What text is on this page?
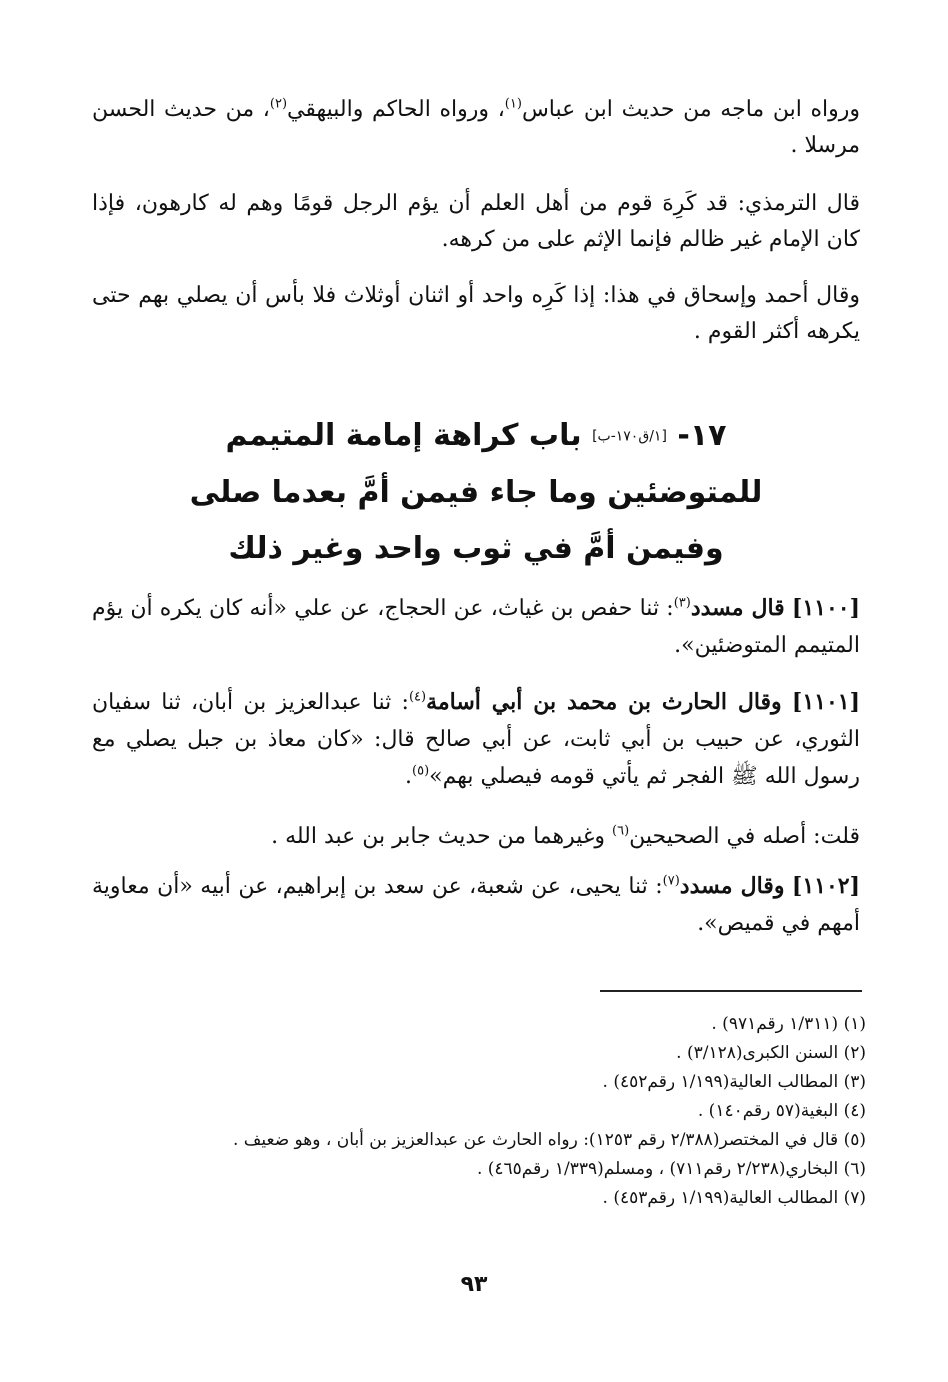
ورواه ابن ماجه من حديث ابن عباس$^{(١)}$، ورواه الحاكم والبيهقي$^{(٢)}$، من حديث الحسن مرسلا .
قال الترمذي: قد كَرِهَ قوم من أهل العلم أن يؤم الرجل قومًا وهم له كارهون، فإذا كان الإمام غير ظالم فإنما الإثم على من كرهه.
وقال أحمد وإسحاق في هذا: إذا كَرِه واحد أو اثنان أوثلاث فلا بأس أن يصلي بهم حتى يكرهه أكثر القوم .
١٧- [١/ق١٧٠-ب] باب كراهة إمامة المتيمم
للمتوضئين وما جاء فيمن أمَّ بعدما صلى
وفيمن أمَّ في ثوب واحد وغير ذلك
[١١٠٠] قال مسدد$^{(٣)}$: ثنا حفص بن غياث، عن الحجاج، عن علي «أنه كان يكره أن يؤم المتيمم المتوضئين».
[١١٠١] وقال الحارث بن محمد بن أبي أسامة$^{(٤)}$: ثنا عبدالعزيز بن أبان، ثنا سفيان الثوري، عن حبيب بن أبي ثابت، عن أبي صالح قال: «كان معاذ بن جبل يصلي مع رسول الله ﷺ الفجر ثم يأتي قومه فيصلي بهم»$^{(٥)}$.
قلت: أصله في الصحيحين$^{(٦)}$ وغيرهما من حديث جابر بن عبد الله .
[١١٠٢] وقال مسدد$^{(٧)}$: ثنا يحيى، عن شعبة، عن سعد بن إبراهيم، عن أبيه «أن معاوية أمهم في قميص».
(١) (١/٣١١ رقم٩٧١) .
(٢) السنن الكبرى(٣/١٢٨) .
(٣) المطالب العالية(١/١٩٩ رقم٤٥٢) .
(٤) البغية(٥٧ رقم١٤٠) .
(٥) قال في المختصر(٢/٣٨٨ رقم ١٢٥٣): رواه الحارث عن عبدالعزيز بن أبان ، وهو ضعيف .
(٦) البخاري(٢/٢٣٨ رقم٧١١) ، ومسلم(١/٣٣٩ رقم٤٦٥) .
(٧) المطالب العالية(١/١٩٩ رقم٤٥٣) .
٩٣
